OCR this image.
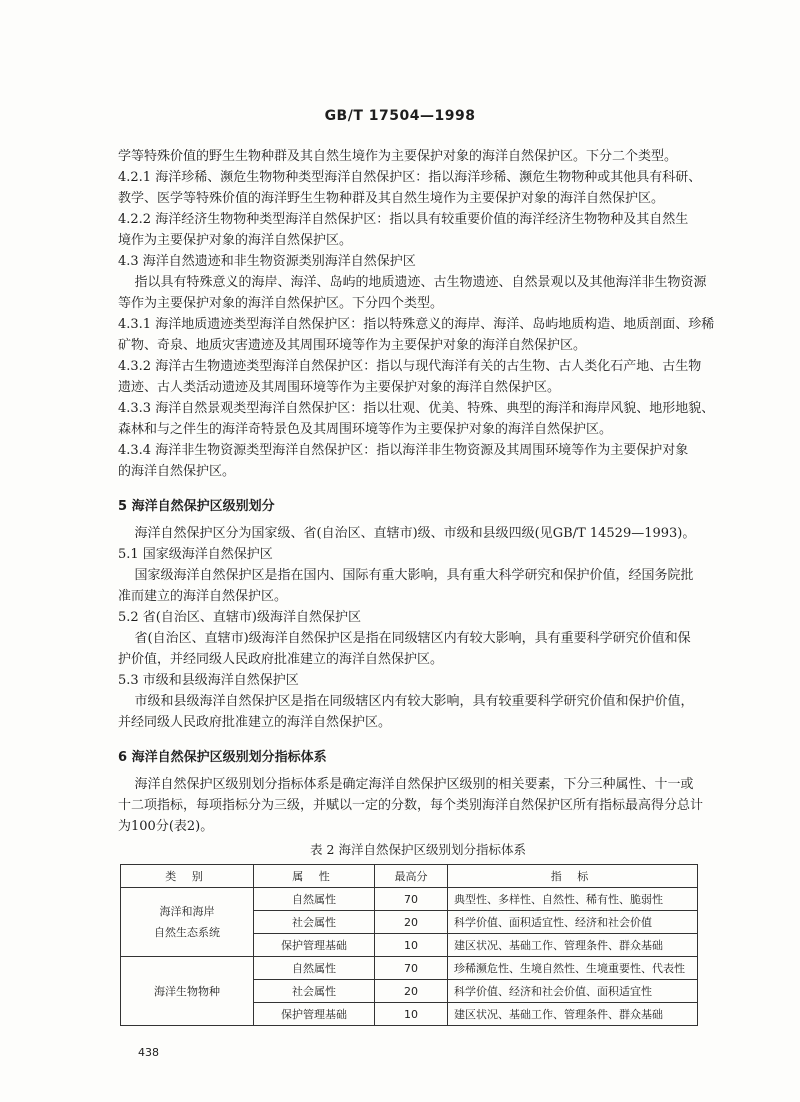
GB/T 17504—1998

学等特殊价值的野生生物种群及其自然生境作为主要保护对象的海洋自然保护区。下分二个类型。

4.2.1 海洋珍稀、濒危生物物种类型海洋自然保护区：指以海洋珍稀、濒危生物物种或其他具有科研、

教学、医学等特殊价值的海洋野生生物种群及其自然生境作为主要保护对象的海洋自然保护区。

4.2.2 海洋经济生物物种类型海洋自然保护区：指以具有较重要价值的海洋经济生物物种及其自然生

境作为主要保护对象的海洋自然保护区。

4.3 海洋自然遗迹和非生物资源类别海洋自然保护区

指以具有特殊意义的海岸、海洋、岛屿的地质遗迹、古生物遗迹、自然景观以及其他海洋非生物资源

等作为主要保护对象的海洋自然保护区。下分四个类型。

4.3.1 海洋地质遗迹类型海洋自然保护区：指以特殊意义的海岸、海洋、岛屿地质构造、地质剖面、珍稀

矿物、奇泉、地质灾害遗迹及其周围环境等作为主要保护对象的海洋自然保护区。

4.3.2 海洋古生物遗迹类型海洋自然保护区：指以与现代海洋有关的古生物、古人类化石产地、古生物

遗迹、古人类活动遗迹及其周围环境等作为主要保护对象的海洋自然保护区。

4.3.3 海洋自然景观类型海洋自然保护区：指以壮观、优美、特殊、典型的海洋和海岸风貌、地形地貌、

森林和与之伴生的海洋奇特景色及其周围环境等作为主要保护对象的海洋自然保护区。

4.3.4 海洋非生物资源类型海洋自然保护区：指以海洋非生物资源及其周围环境等作为主要保护对象

的海洋自然保护区。

5 海洋自然保护区级别划分

海洋自然保护区分为国家级、省(自治区、直辖市)级、市级和县级四级(见GB/T 14529—1993)。

5.1 国家级海洋自然保护区

国家级海洋自然保护区是指在国内、国际有重大影响，具有重大科学研究和保护价值，经国务院批

准而建立的海洋自然保护区。

5.2 省(自治区、直辖市)级海洋自然保护区

省(自治区、直辖市)级海洋自然保护区是指在同级辖区内有较大影响，具有重要科学研究价值和保

护价值，并经同级人民政府批准建立的海洋自然保护区。

5.3 市级和县级海洋自然保护区

市级和县级海洋自然保护区是指在同级辖区内有较大影响，具有较重要科学研究价值和保护价值，

并经同级人民政府批准建立的海洋自然保护区。

6 海洋自然保护区级别划分指标体系

海洋自然保护区级别划分指标体系是确定海洋自然保护区级别的相关要素，下分三种属性、十一或

十二项指标，每项指标分为三级，并赋以一定的分数，每个类别海洋自然保护区所有指标最高得分总计

为100分(表2)。

表 2 海洋自然保护区级别划分指标体系
类 别	属 性	最高分	指 标

海洋和海岸
自然生态系统	自然属性	70	典型性、多样性、自然性、稀有性、脆弱性
	社会属性	20	科学价值、面积适宜性、经济和社会价值
	保护管理基础	10	建区状况、基础工作、管理条件、群众基础

海洋生物物种	自然属性	70	珍稀濒危性、生境自然性、生境重要性、代表性
	社会属性	20	科学价值、经济和社会价值、面积适宜性
	保护管理基础	10	建区状况、基础工作、管理条件、群众基础
438
